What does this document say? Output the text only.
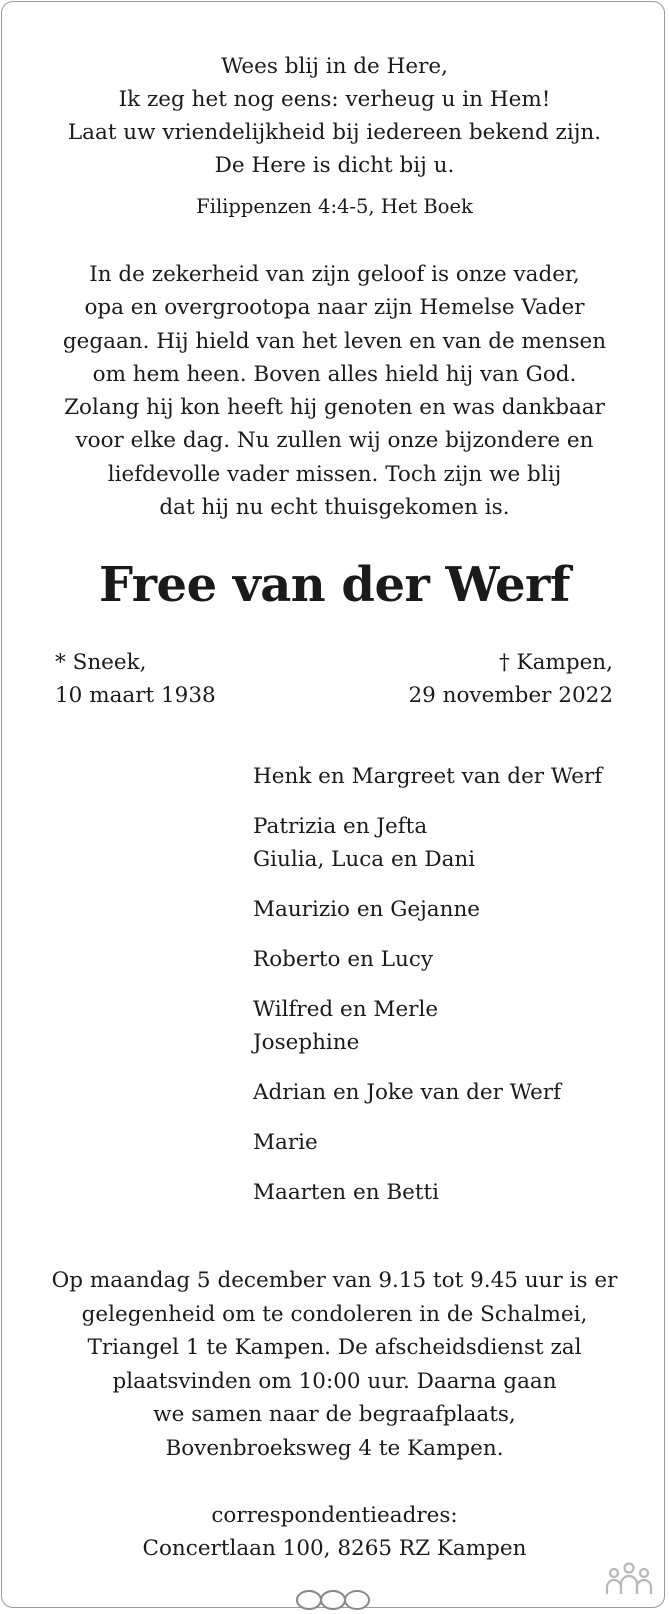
Wees blij in de Here,
Ik zeg het nog eens: verheug u in Hem!
Laat uw vriendelijkheid bij iedereen bekend zijn.
De Here is dicht bij u.
Filippenzen 4:4-5, Het Boek
In de zekerheid van zijn geloof is onze vader,
opa en overgrootopa naar zijn Hemelse Vader
gegaan. Hij hield van het leven en van de mensen
om hem heen. Boven alles hield hij van God.
Zolang hij kon heeft hij genoten en was dankbaar
voor elke dag. Nu zullen wij onze bijzondere en
liefdevolle vader missen. Toch zijn we blij
dat hij nu echt thuisgekomen is.
Free van der Werf
* Sneek,
10 maart 1938
† Kampen,
29 november 2022
Henk en Margreet van der Werf
Patrizia en Jefta
Giulia, Luca en Dani
Maurizio en Gejanne
Roberto en Lucy
Wilfred en Merle
Josephine
Adrian en Joke van der Werf
Marie
Maarten en Betti
Op maandag 5 december van 9.15 tot 9.45 uur is er
gelegenheid om te condoleren in de Schalmei,
Triangel 1 te Kampen. De afscheidsdienst zal
plaatsvinden om 10:00 uur. Daarna gaan
we samen naar de begraafplaats,
Bovenbroeksweg 4 te Kampen.
correspondentieadres:
Concertlaan 100, 8265 RZ Kampen
